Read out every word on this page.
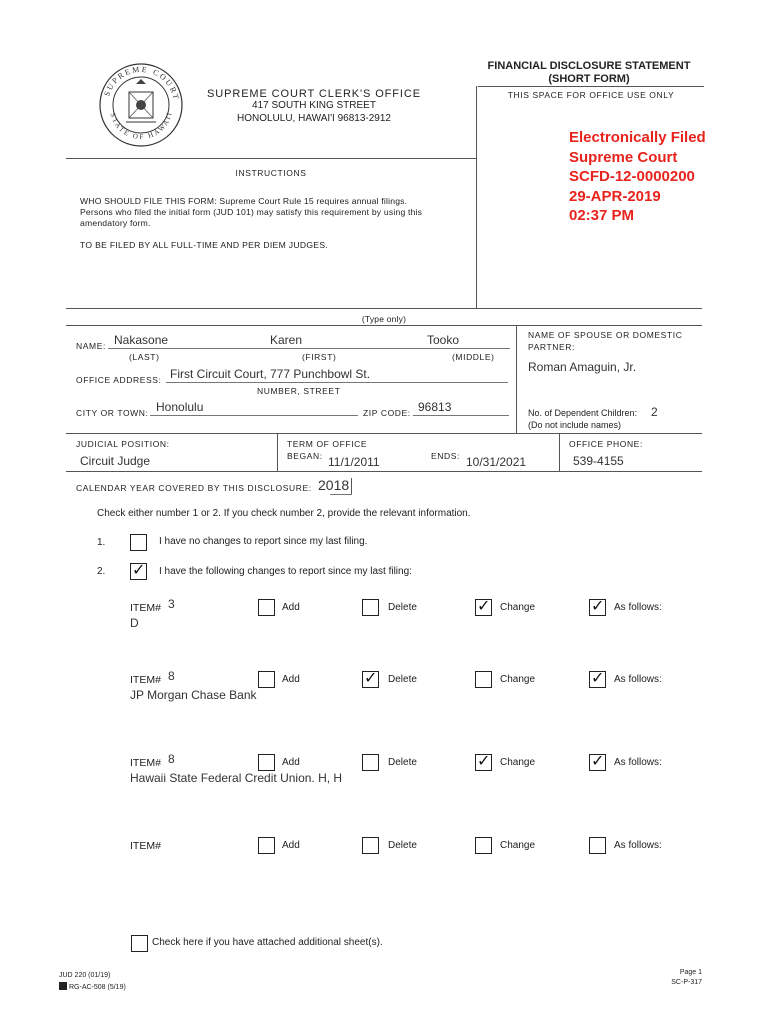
SUPREME COURT
STATE OF HAWAII
SUPREME COURT CLERK'S OFFICE
417 SOUTH KING STREET
HONOLULU, HAWAI'I 96813-2912
FINANCIAL DISCLOSURE STATEMENT
(SHORT FORM)
THIS SPACE FOR OFFICE USE ONLY
Electronically Filed
Supreme Court
SCFD-12-0000200
29-APR-2019
02:37 PM
INSTRUCTIONS
WHO SHOULD FILE THIS FORM: Supreme Court Rule 15 requires annual filings.
Persons who filed the initial form (JUD 101) may satisfy this requirement by using this
amendatory form.
TO BE FILED BY ALL FULL-TIME AND PER DIEM JUDGES.
(Type only)
NAME: Nakasone	Karen	Tooko
(LAST)	(FIRST)	(MIDDLE)
NAME OF SPOUSE OR DOMESTIC
PARTNER:
Roman Amaguin, Jr.
OFFICE ADDRESS: First Circuit Court, 777 Punchbowl St.
NUMBER, STREET
CITY OR TOWN: Honolulu	ZIP CODE: 96813	No. of Dependent Children: 2
(Do not include names)
JUDICIAL POSITION:
Circuit Judge
TERM OF OFFICE
BEGAN: 11/1/2011	ENDS: 10/31/2021
OFFICE PHONE:
539-4155
CALENDAR YEAR COVERED BY THIS DISCLOSURE: 2018
Check either number 1 or 2. If you check number 2, provide the relevant information.
1.	I have no changes to report since my last filing.
2. ✓ I have the following changes to report since my last filing:
ITEM# 3
D
Add	Delete	✓ Change	✓ As follows:
ITEM# 8
JP Morgan Chase Bank
Add	✓ Delete	Change	✓ As follows:
ITEM# 8
Hawaii State Federal Credit Union. H, H
Add	Delete	✓ Change	✓ As follows:
ITEM#	Add	Delete	Change	As follows:
Check here if you have attached additional sheet(s).
JUD 220 (01/19)
RG-AC-508 (5/19)
Page 1
SC-P-317
